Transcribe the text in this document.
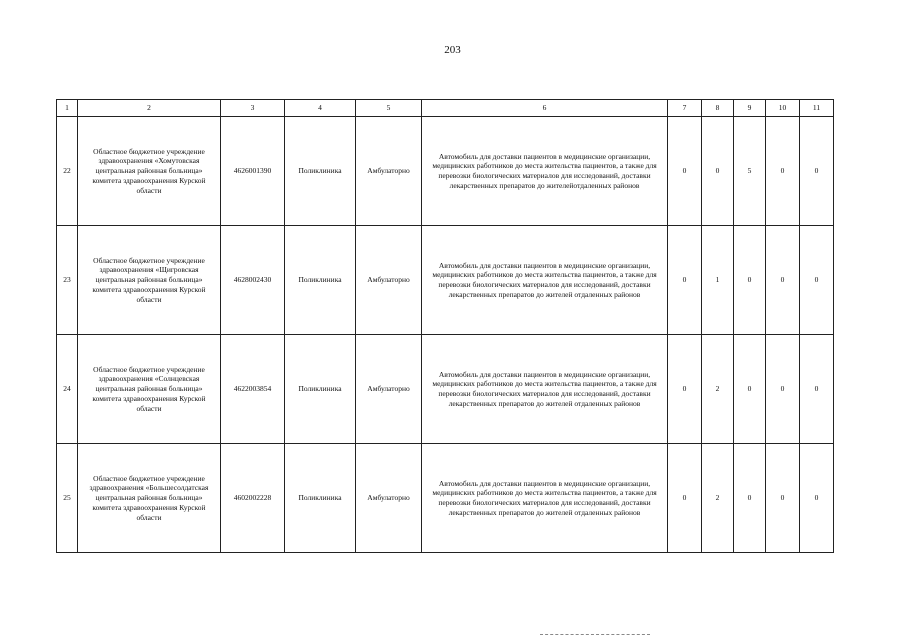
203
1	2	3	4	5	6	7	8	9	10	11
22	Областное бюджетное учреждение здравоохранения «Хомутовская центральная районная больница» комитета здравоохранения Курской области	4626001390	Поликлиника	Амбулаторно	Автомобиль для доставки пациентов в медицинские организации, медицинских работников до места жительства пациентов, а также для перевозки биологических материалов для исследований, доставки лекарственных препаратов до жителейотдаленных районов	0	0	5	0	0
23	Областное бюджетное учреждение здравоохранения «Щигровская центральная районная больница» комитета здравоохранения Курской области	4628002430	Поликлиника	Амбулаторно	Автомобиль для доставки пациентов в медицинские организации, медицинских работников до места жительства пациентов, а также для перевозки биологических материалов для исследований, доставки лекарственных препаратов до жителей отдаленных районов	0	1	0	0	0
24	Областное бюджетное учреждение здравоохранения «Солнцевская центральная районная больница» комитета здравоохранения Курской области	4622003854	Поликлиника	Амбулаторно	Автомобиль для доставки пациентов в медицинские организации, медицинских работников до места жительства пациентов, а также для перевозки биологических материалов для исследований, доставки лекарственных препаратов до жителей отдаленных районов	0	2	0	0	0
25	Областное бюджетное учреждение здравоохранения «Большесолдатская центральная районная больница» комитета здравоохранения Курской области	4602002228	Поликлиника	Амбулаторно	Автомобиль для доставки пациентов в медицинские организации, медицинских работников до места жительства пациентов, а также для перевозки биологических материалов для исследований, доставки лекарственных препаратов до жителей отдаленных районов	0	2	0	0	0
